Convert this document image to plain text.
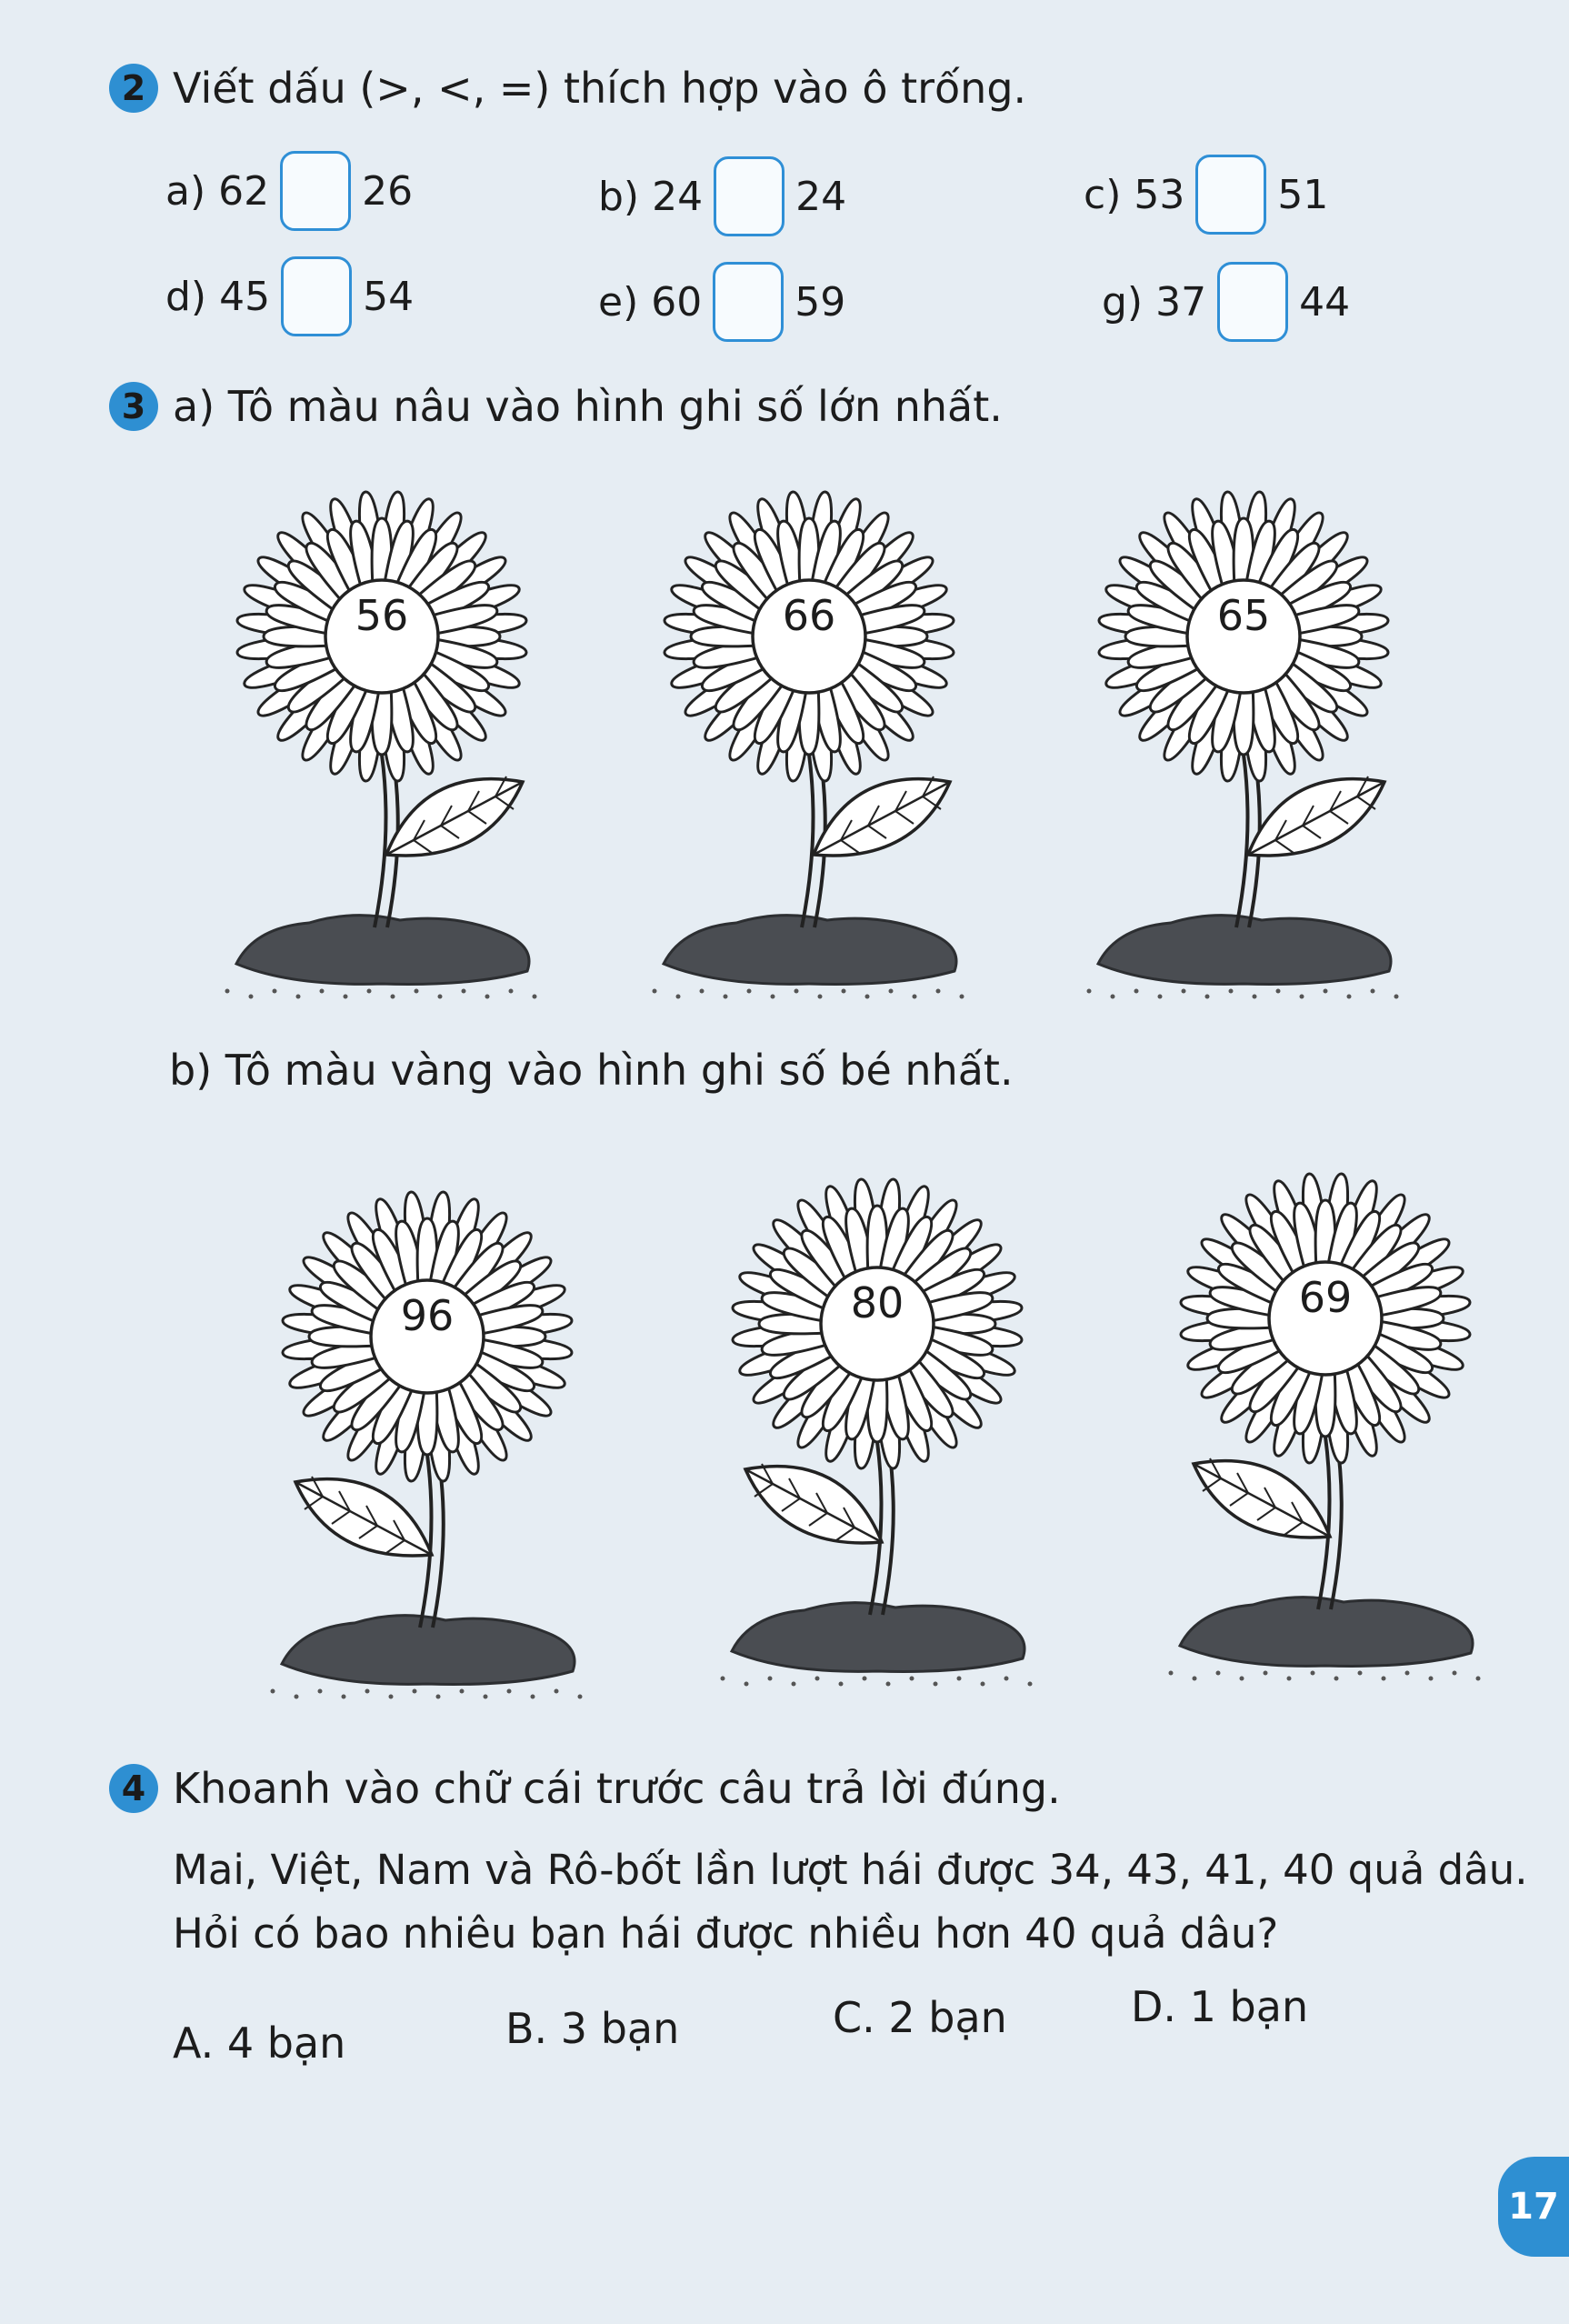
2 Viết dấu (>, <, =) thích hợp vào ô trống.
a) 62 26	b) 24 24	c) 53 51
d) 45 54	e) 60 59	g) 37 44
3 a) Tô màu nâu vào hình ghi số lớn nhất.
56	66	65
b) Tô màu vàng vào hình ghi số bé nhất.
96	80	69
4 Khoanh vào chữ cái trước câu trả lời đúng.
Mai, Việt, Nam và Rô-bốt lần lượt hái được 34, 43, 41, 40 quả dâu.
Hỏi có bao nhiêu bạn hái được nhiều hơn 40 quả dâu?
A. 4 bạn	B. 3 bạn	C. 2 bạn	D. 1 bạn
17
